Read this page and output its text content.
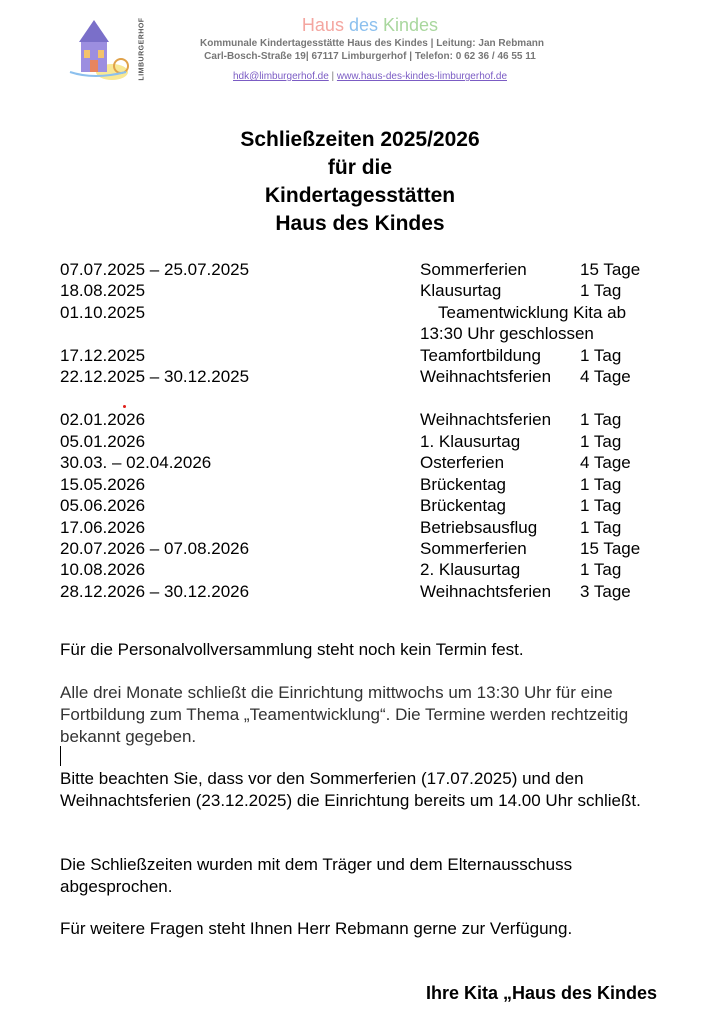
LIMBURGERHOF	Haus des Kindes
Kommunale Kindertagesstätte Haus des Kindes | Leitung: Jan Rebmann
Carl-Bosch-Straße 19| 67117 Limburgerhof | Telefon: 0 62 36 / 46 55 11
hdk@limburgerhof.de | www.haus-des-kindes-limburgerhof.de
Schließzeiten 2025/2026
für die
Kindertagesstätten
Haus des Kindes
07.07.2025 – 25.07.2025	Sommerferien	15 Tage
18.08.2025	Klausurtag	1 Tag
01.10.2025	Teamentwicklung Kita ab
13:30 Uhr geschlossen
17.12.2025	Teamfortbildung 1 Tag
22.12.2025 – 30.12.2025	Weihnachtsferien 4 Tage
02.01.2026	Weihnachtsferien 1 Tag
05.01.2026	1. Klausurtag	1 Tag
30.03. – 02.04.2026	Osterferien	4 Tage
15.05.2026	Brückentag	1 Tag
05.06.2026	Brückentag	1 Tag
17.06.2026	Betriebsausflug	1 Tag
20.07.2026 – 07.08.2026	Sommerferien	15 Tage
10.08.2026	2. Klausurtag	1 Tag
28.12.2026 – 30.12.2026	Weihnachtsferien 3 Tage
Für die Personalvollversammlung steht noch kein Termin fest.
Alle drei Monate schließt die Einrichtung mittwochs um 13:30 Uhr für eine Fortbildung zum Thema „Teamentwicklung“. Die Termine werden rechtzeitig bekannt gegeben.
Bitte beachten Sie, dass vor den Sommerferien (17.07.2025) und den Weihnachtsferien (23.12.2025) die Einrichtung bereits um 14.00 Uhr schließt.
Die Schließzeiten wurden mit dem Träger und dem Elternausschuss abgesprochen.
Für weitere Fragen steht Ihnen Herr Rebmann gerne zur Verfügung.
Ihre Kita „Haus des Kindes
